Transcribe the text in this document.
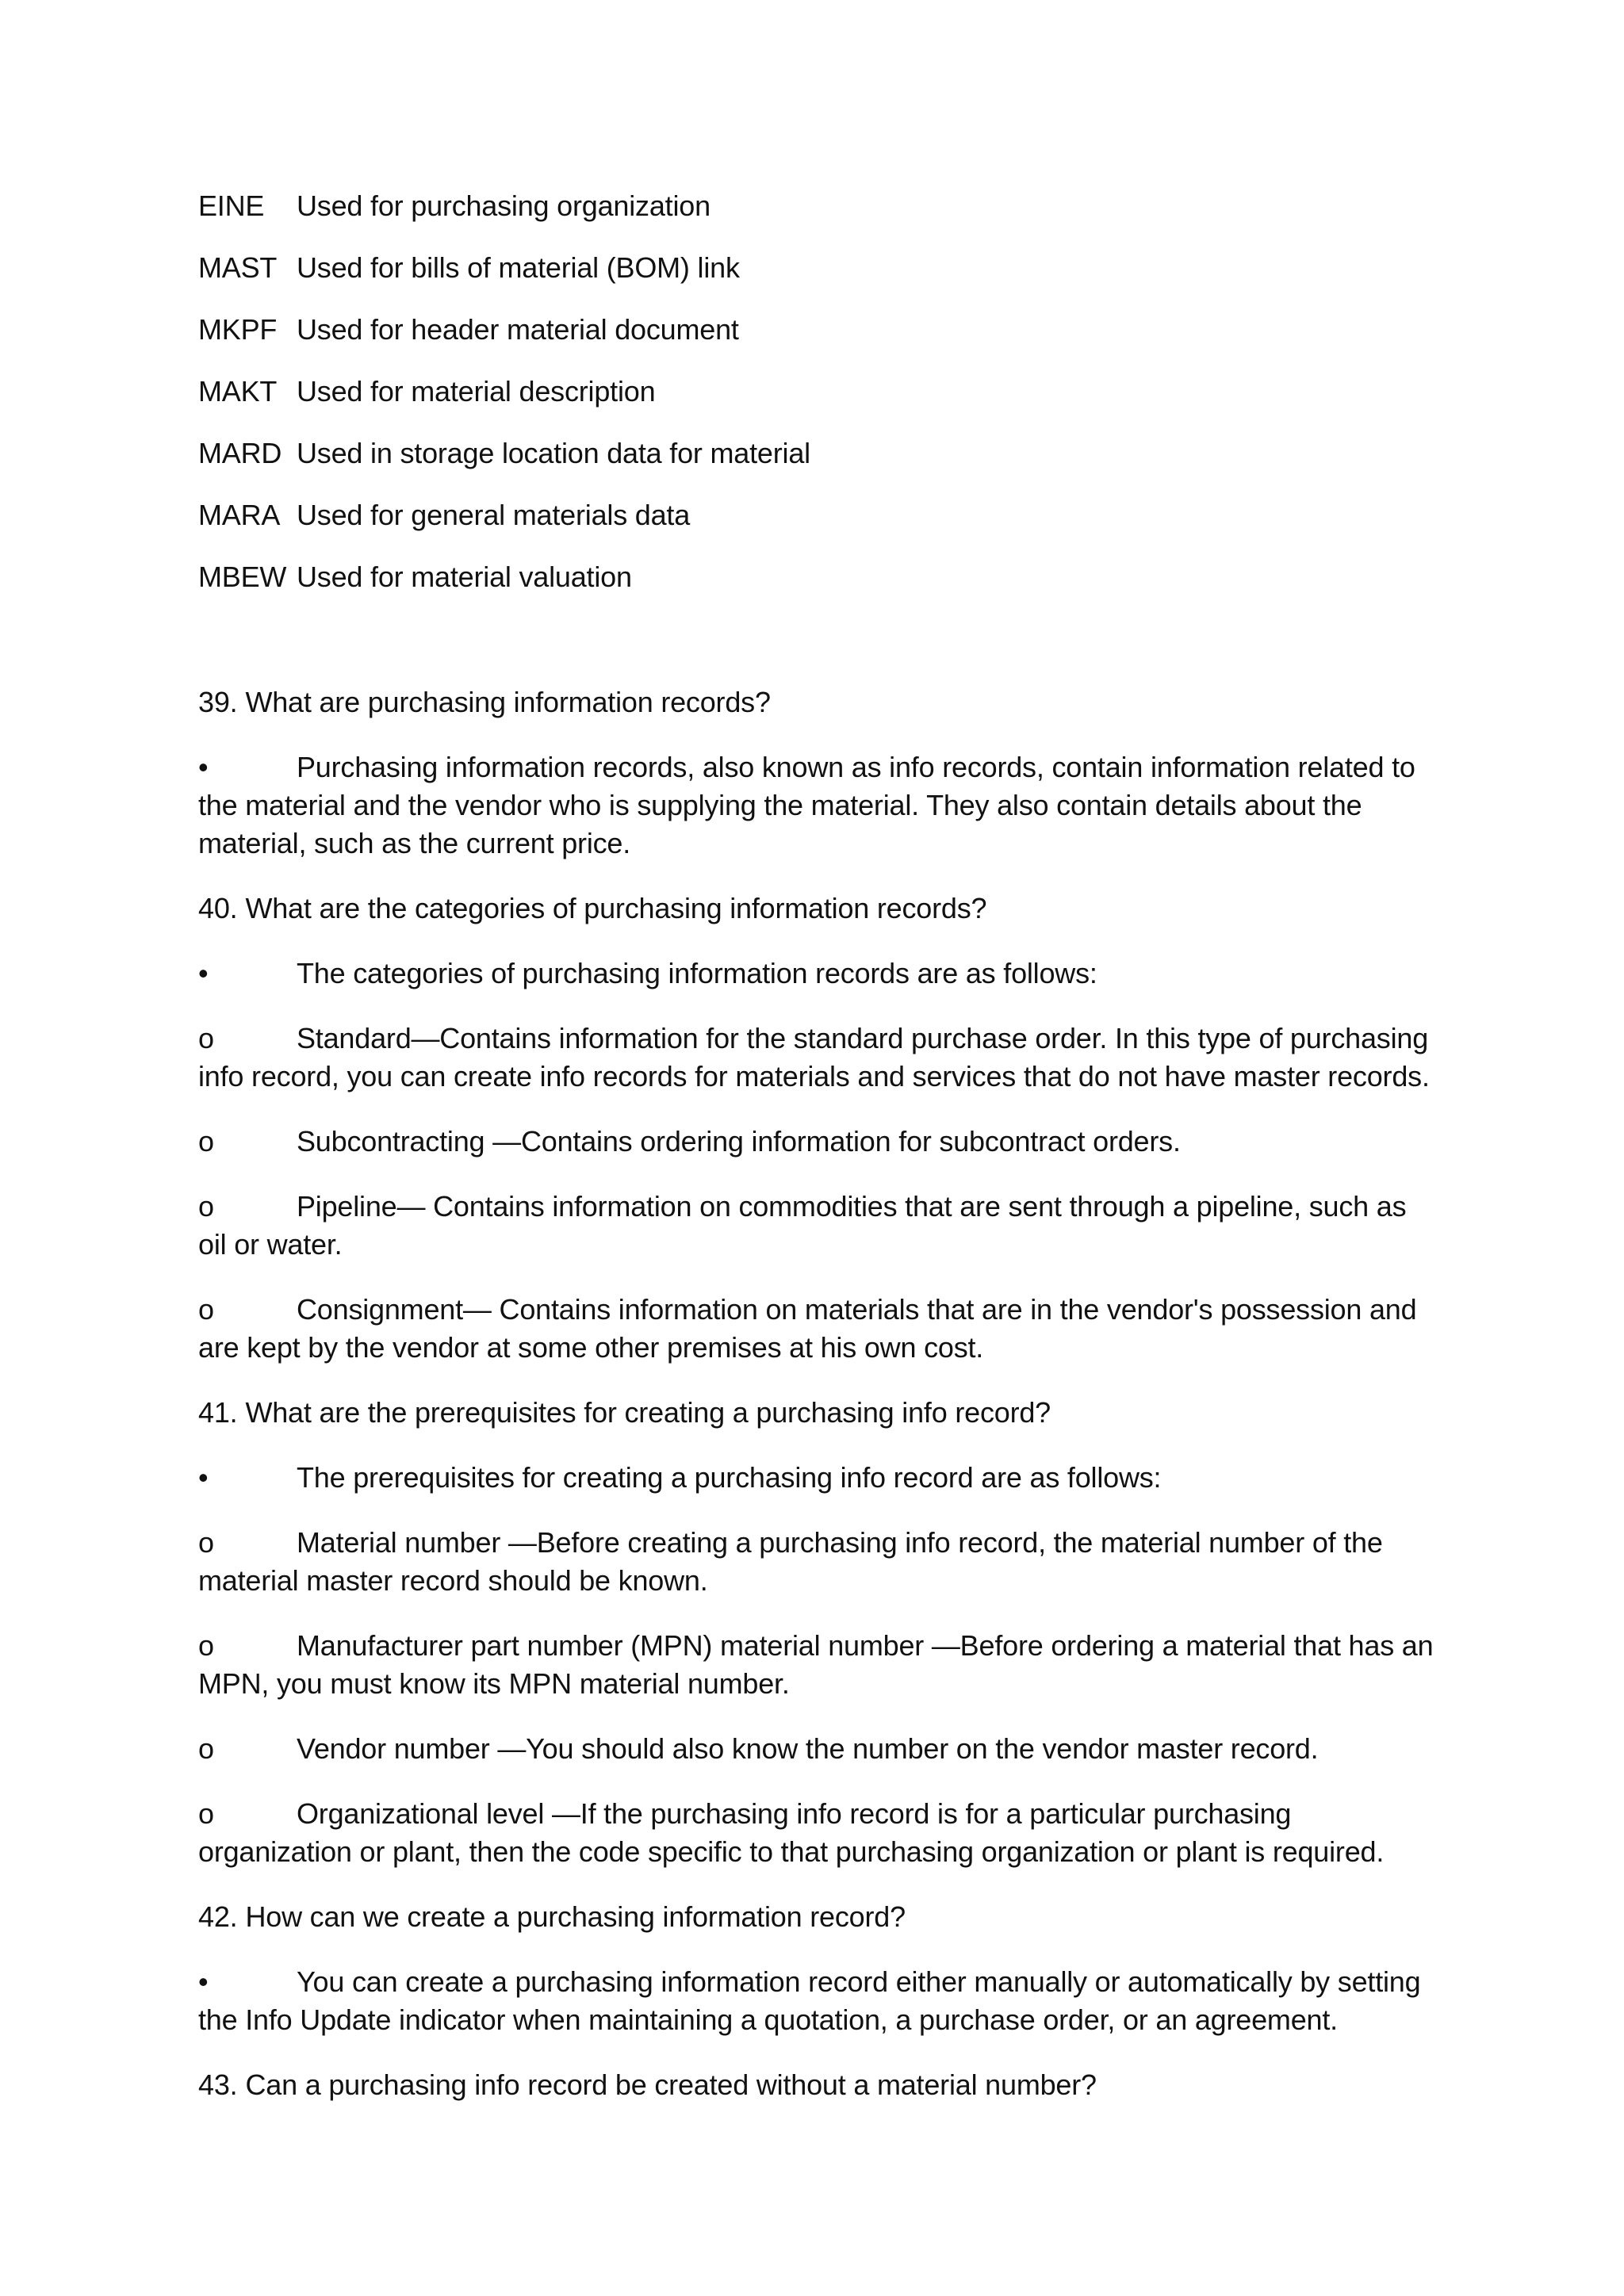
EINE	Used for purchasing organization
MAST Used for bills of material (BOM) link
MKPF Used for header material document
MAKT Used for material description
MARD Used in storage location data for material
MARA Used for general materials data
MBEW Used for material valuation

39. What are purchasing information records?

•	Purchasing information records, also known as info records, contain information related to the material and the vendor who is supplying the material. They also contain details about the material, such as the current price.

40. What are the categories of purchasing information records?

•	The categories of purchasing information records are as follows:

o	Standard—Contains information for the standard purchase order. In this type of purchasing info record, you can create info records for materials and services that do not have master records.

o	Subcontracting —Contains ordering information for subcontract orders.

o	Pipeline— Contains information on commodities that are sent through a pipeline, such as oil or water.

o	Consignment— Contains information on materials that are in the vendor's possession and are kept by the vendor at some other premises at his own cost.

41. What are the prerequisites for creating a purchasing info record?

•	The prerequisites for creating a purchasing info record are as follows:

o	Material number —Before creating a purchasing info record, the material number of the material master record should be known.

o	Manufacturer part number (MPN) material number —Before ordering a material that has an MPN, you must know its MPN material number.

o	Vendor number —You should also know the number on the vendor master record.

o	Organizational level —If the purchasing info record is for a particular purchasing organization or plant, then the code specific to that purchasing organization or plant is required.

42. How can we create a purchasing information record?

•	You can create a purchasing information record either manually or automatically by setting the Info Update indicator when maintaining a quotation, a purchase order, or an agreement.

43. Can a purchasing info record be created without a material number?
